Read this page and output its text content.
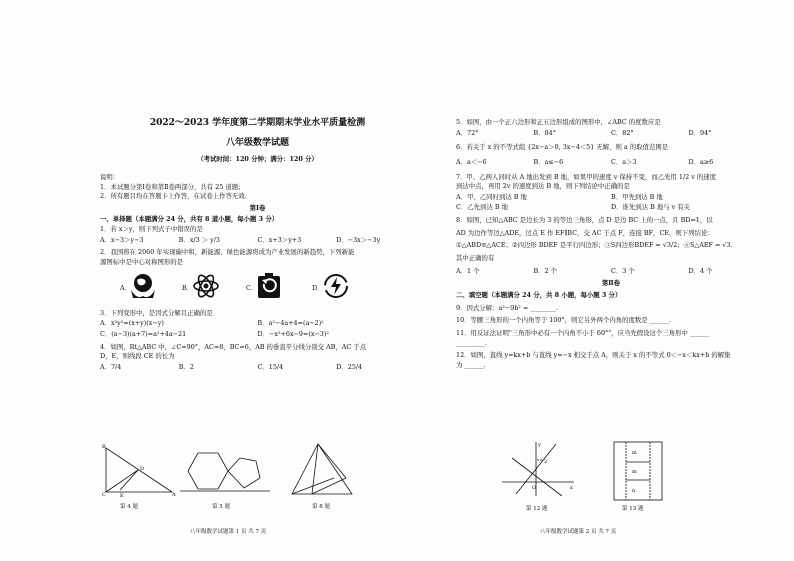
2022～2023 学年度第二学期期末学业水平质量检测
八年级数学试题
（考试时间：120 分钟；满分：120 分）
说明：
1．本试题分第Ⅰ卷和第Ⅱ卷两部分，共有 25 道题；
2．所有题目均在答题卡上作答，在试卷上作答无效.
第Ⅰ卷
一、单择题（本题满分 24 分，共有 8 道小题，每小题 3 分）
1．若 x＞y，则下列式子中错误的是
A．x−3＞y−3	B．x/3 ＞ y/3	C．x+3＞y+3	D．−3x＞−3y
2．我国将在 2060 年实现碳中和，新能源、绿色能源将成为产业发展的新趋势，下列新能
源图标中是中心对称图形的是
A．	B．	C．	D．
3．下列变形中，是因式分解且正确的是
A．x²y²=(x+y)(x−y)	B．a²−4a+4=(a−2)²
C．(a−3)(a+7)=a²+4a−21	D．−x²+6x−9=(x−3)²
4．如图，Rt△ABC 中，∠C=90°，AC=8，BC=6，AB 的垂直平分线分别交 AB，AC 于点
D，E，则线段 CE 的长为
A．7/4	B．2	C．15/4	D．25/4
B
C	A
E
D
第 4 题	第 5 题	第 8 题
八年级数学试题第 1 页 共 7 页
5．如图，由一个正六边形和正五边形组成的图形中，∠ABC 的度数应是
A．72°	B．84°	C．82°	D．94°
6．若关于 x 的不等式组 {2x−a＞0, 3x−4＜5} 无解，则 a 的取值范围是
A．a＜−6	B．a≤−6	C．a＞3	D．a≥6
7．甲、乙两人同时从 A 地出发到 B 地，如果甲的速度 v 保持不变，而乙先用 1/2 v 的速度
到达中点，再用 2v 的速度到达 B 地，则下列结论中正确的是
A．甲、乙同时到达 B 地	B．甲先到达 B 地
C．乙先到达 B 地	D．谁先到达 B 地与 v 有关
8．如图，已知△ABC 是边长为 3 的等边三角形，点 D 是边 BC 上的一点，且 BD=1，以
AD 为边作等边△ADE，过点 E 作 EF∥BC，交 AC 于点 F，连接 BF，CE，则下列结论：
①△ABD≌△ACE；②四边形 BDEF 是平行四边形；③S四边形BDEF = √3/2；④S△AEF = √3.
其中正确的有
A．1 个	B．2 个	C．3 个	D．4 个
第Ⅱ卷
二、填空题（本题满分 24 分，共 8 小题，每小题 3 分）
9．因式分解：a²−9b² = ________.
10．等腰三角形的一个内角等于 100°，则它另外两个内角的度数是 ______.
11．用反证法证明"三角形中必有一个内角不小于 60°"，应当先假设这个三角形中 ______
_________.
12．如图，直线 y=kx+b 与直线 y=−x 相交于点 A，则关于 x 的不等式 0＜−x＜kx+b 的解集
为 ______.
y
x
O
2
m
m
n
第 12 题	第 13 题
八年级数学试题第 2 页 共 7 页
